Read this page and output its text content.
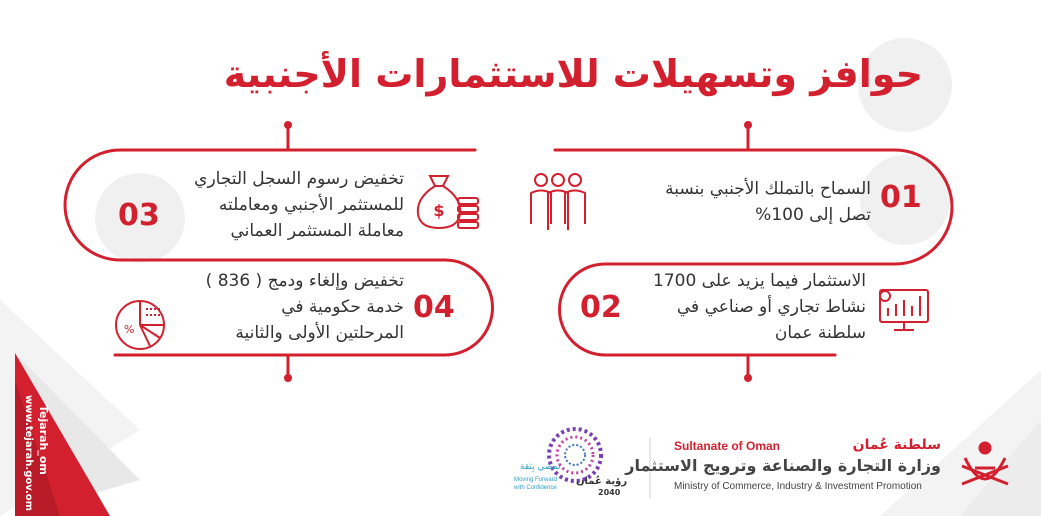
$
%
حوافز وتسهيلات للاستثمارات الأجنبية
01
السماح بالتملك الأجنبي بنسبة
تصل إلى 100%
02
الاستثمار فيما يزيد على 1700
نشاط تجاري أو صناعي في
سلطنة عمان
03
تخفيض رسوم السجل التجاري
للمستثمر الأجنبي ومعاملته
معاملة المستثمر العماني
04
تخفيض وإلغاء ودمج ( 836 )
خدمة حكومية في
المرحلتين الأولى والثانية
سلطنة عُمان
Sultanate of Oman
وزارة التجارة والصناعة وترويج الاستثمار
Ministry of Commerce, Industry & Investment Promotion
رؤية عُمان
2040
نَمضي بِثقة
Moving Forward with Confidence
Tejarah_om
www.tejarah.gov.om
